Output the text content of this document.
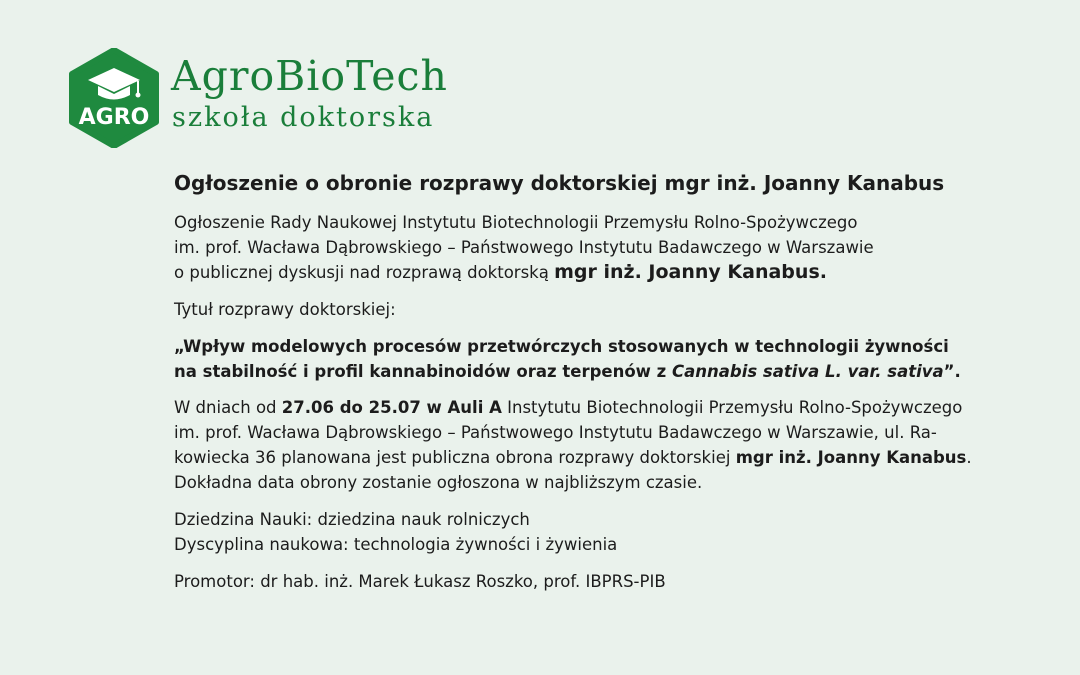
AGRO
AgroBioTech
szkoła doktorska
Ogłoszenie o obronie rozprawy doktorskiej mgr inż. Joanny Kanabus
Ogłoszenie Rady Naukowej Instytutu Biotechnologii Przemysłu Rolno-Spożywczego
im. prof. Wacława Dąbrowskiego – Państwowego Instytutu Badawczego w Warszawie
o publicznej dyskusji nad rozprawą doktorską mgr inż. Joanny Kanabus.
Tytuł rozprawy doktorskiej:
„Wpływ modelowych procesów przetwórczych stosowanych w technologii żywności
na stabilność i profil kannabinoidów oraz terpenów z Cannabis sativa L. var. sativa”.
W dniach od 27.06 do 25.07 w Auli A Instytutu Biotechnologii Przemysłu Rolno-Spożywczego
im. prof. Wacława Dąbrowskiego – Państwowego Instytutu Badawczego w Warszawie, ul. Ra-
kowiecka 36 planowana jest publiczna obrona rozprawy doktorskiej mgr inż. Joanny Kanabus.
Dokładna data obrony zostanie ogłoszona w najbliższym czasie.
Dziedzina Nauki: dziedzina nauk rolniczych
Dyscyplina naukowa: technologia żywności i żywienia
Promotor: dr hab. inż. Marek Łukasz Roszko, prof. IBPRS-PIB
